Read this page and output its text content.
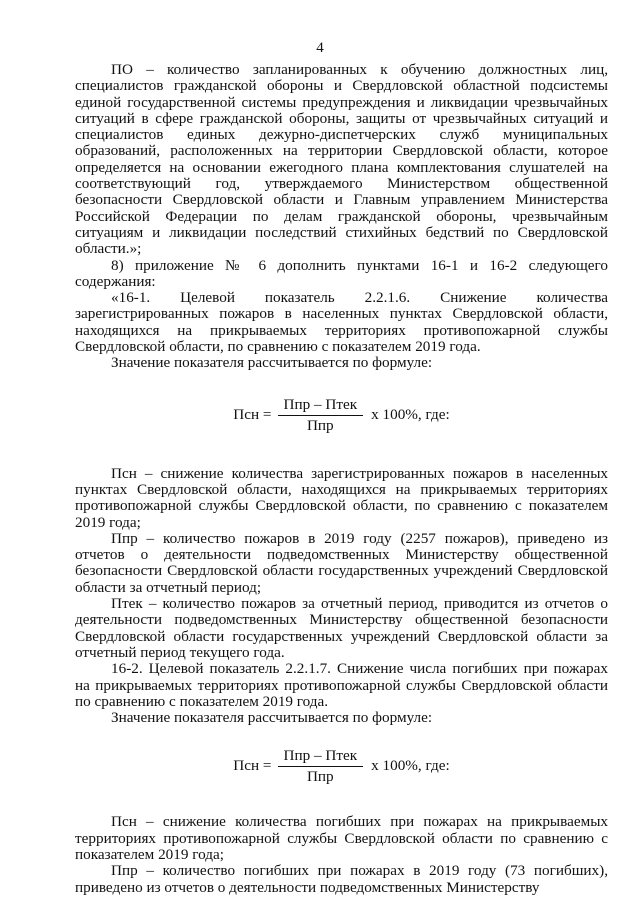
4

ПО – количество запланированных к обучению должностных лиц, специалистов гражданской обороны и Свердловской областной подсистемы единой государственной системы предупреждения и ликвидации чрезвычайных ситуаций в сфере гражданской обороны, защиты от чрезвычайных ситуаций и специалистов единых дежурно-диспетчерских служб муниципальных образований, расположенных на территории Свердловской области, которое определяется на основании ежегодного плана комплектования слушателей на соответствующий год, утверждаемого Министерством общественной безопасности Свердловской области и Главным управлением Министерства Российской Федерации по делам гражданской обороны, чрезвычайным ситуациям и ликвидации последствий стихийных бедствий по Свердловской области.»;

8) приложение № 6 дополнить пунктами 16-1 и 16-2 следующего содержания:

«16-1. Целевой показатель 2.2.1.6. Снижение количества зарегистрированных пожаров в населенных пунктах Свердловской области, находящихся на прикрываемых территориях противопожарной службы Свердловской области, по сравнению с показателем 2019 года.

Значение показателя рассчитывается по формуле:

Псн = $\frac{\text{Ппр – Птек}}{\text{Ппр}}$ x 100%, где:

Псн – снижение количества зарегистрированных пожаров в населенных пунктах Свердловской области, находящихся на прикрываемых территориях противопожарной службы Свердловской области, по сравнению с показателем 2019 года;

Ппр – количество пожаров в 2019 году (2257 пожаров), приведено из отчетов о деятельности подведомственных Министерству общественной безопасности Свердловской области государственных учреждений Свердловской области за отчетный период;

Птек – количество пожаров за отчетный период, приводится из отчетов о деятельности подведомственных Министерству общественной безопасности Свердловской области государственных учреждений Свердловской области за отчетный период текущего года.

16-2. Целевой показатель 2.2.1.7. Снижение числа погибших при пожарах на прикрываемых территориях противопожарной службы Свердловской области по сравнению с показателем 2019 года.

Значение показателя рассчитывается по формуле:

Псн = $\frac{\text{Ппр – Птек}}{\text{Ппр}}$ x 100%, где:

Псн – снижение количества погибших при пожарах на прикрываемых территориях противопожарной службы Свердловской области по сравнению с показателем 2019 года;

Ппр – количество погибших при пожарах в 2019 году (73 погибших), приведено из отчетов о деятельности подведомственных Министерству
